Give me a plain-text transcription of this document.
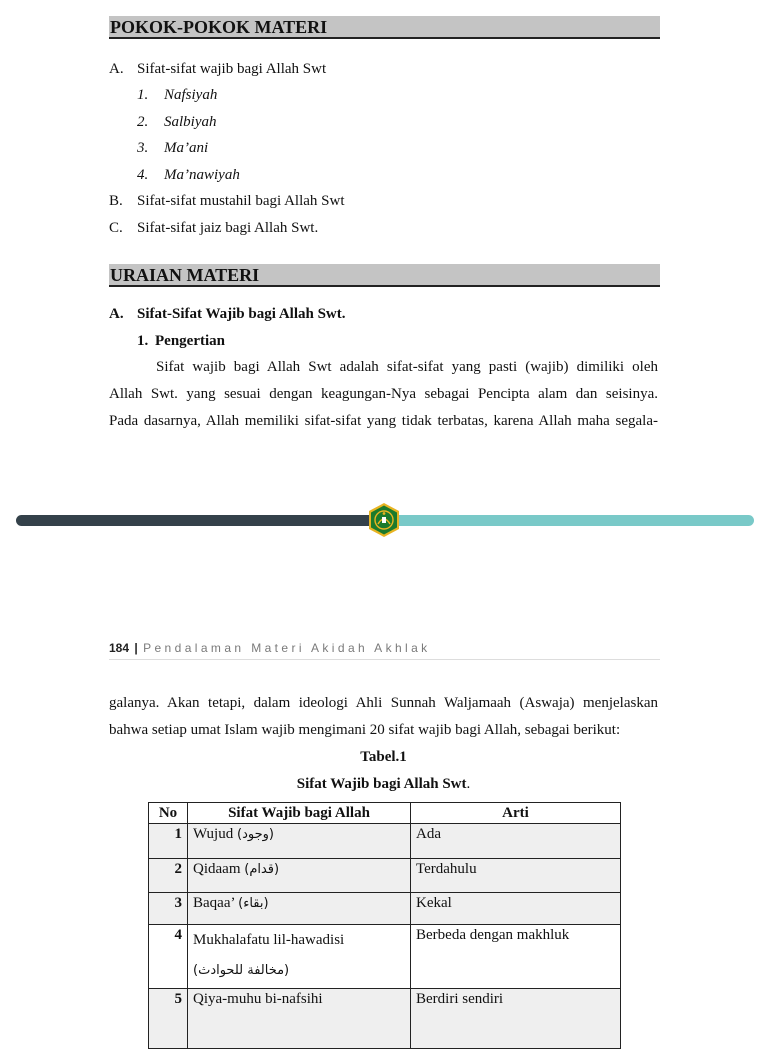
POKOK-POKOK MATERI
A. Sifat-sifat wajib bagi Allah Swt
1. Nafsiyah
2. Salbiyah
3. Ma’ani
4. Ma’nawiyah
B. Sifat-sifat mustahil bagi Allah Swt
C. Sifat-sifat jaiz bagi Allah Swt.
URAIAN MATERI
A. Sifat-Sifat Wajib bagi Allah Swt.
1. Pengertian
Sifat wajib bagi Allah Swt adalah sifat-sifat yang pasti (wajib) dimiliki oleh
Allah Swt. yang sesuai dengan keagungan-Nya sebagai Pencipta alam dan seisinya.
Pada dasarnya, Allah memiliki sifat-sifat yang tidak terbatas, karena Allah maha segala-
184 | Pendalaman Materi Akidah Akhlak
galanya. Akan tetapi, dalam ideologi Ahli Sunnah Waljamaah (Aswaja) menjelaskan
bahwa setiap umat Islam wajib mengimani 20 sifat wajib bagi Allah, sebagai berikut:
Tabel.1
Sifat Wajib bagi Allah Swt.
No	Sifat Wajib bagi Allah	Arti
1	Wujud (وجود)	Ada
2	Qidaam (قدام)	Terdahulu
3	Baqaa’ (بقاء)	Kekal
4	Mukhalafatu lil-hawadisi
(مخالفة للحوادث)	Berbeda dengan makhluk
5	Qiya-muhu bi-nafsihi	Berdiri sendiri
